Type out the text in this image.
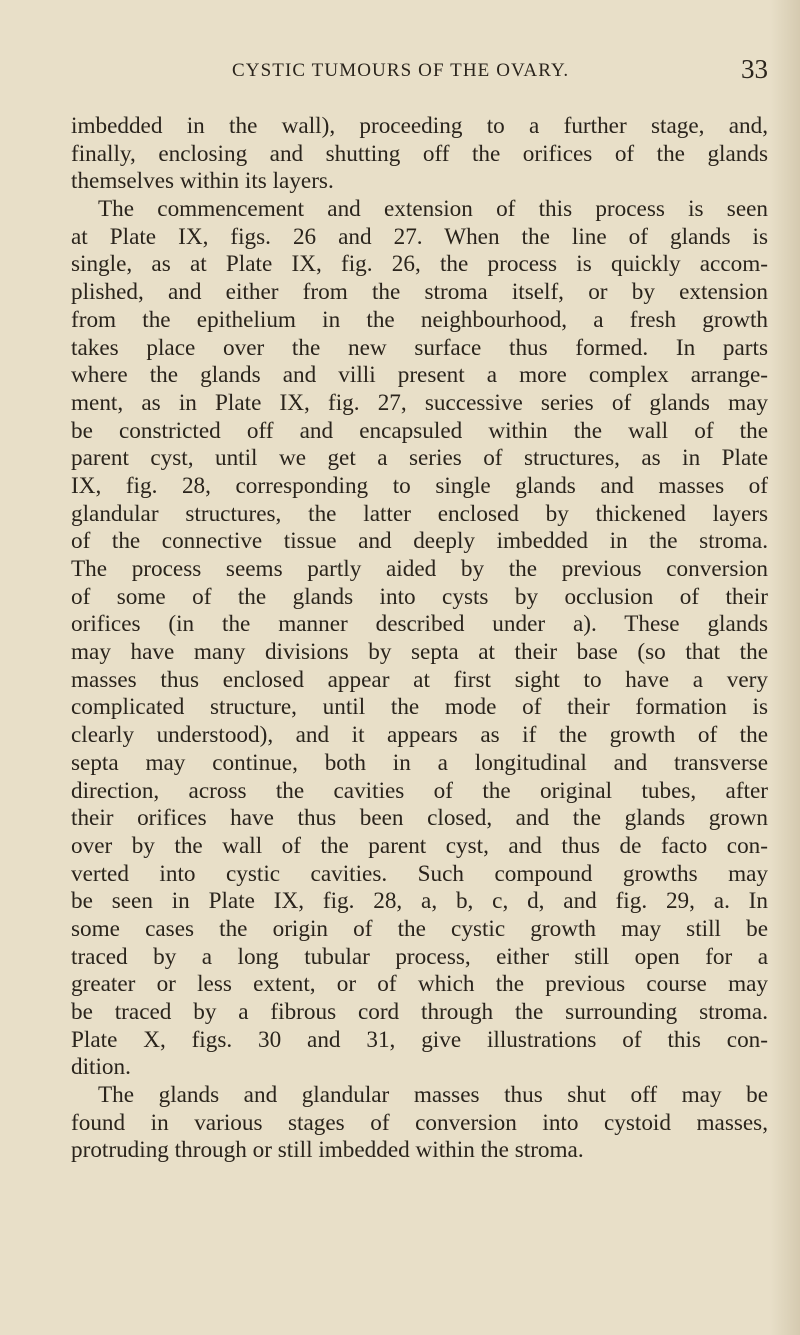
CYSTIC TUMOURS OF THE OVARY.	33
imbedded in the wall), proceeding to a further stage, and,
finally, enclosing and shutting off the orifices of the glands
themselves within its layers.
The commencement and extension of this process is seen
at Plate IX, figs. 26 and 27. When the line of glands is
single, as at Plate IX, fig. 26, the process is quickly accom-
plished, and either from the stroma itself, or by extension
from the epithelium in the neighbourhood, a fresh growth
takes place over the new surface thus formed. In parts
where the glands and villi present a more complex arrange-
ment, as in Plate IX, fig. 27, successive series of glands may
be constricted off and encapsuled within the wall of the
parent cyst, until we get a series of structures, as in Plate
IX, fig. 28, corresponding to single glands and masses of
glandular structures, the latter enclosed by thickened layers
of the connective tissue and deeply imbedded in the stroma.
The process seems partly aided by the previous conversion
of some of the glands into cysts by occlusion of their
orifices (in the manner described under a). These glands
may have many divisions by septa at their base (so that the
masses thus enclosed appear at first sight to have a very
complicated structure, until the mode of their formation is
clearly understood), and it appears as if the growth of the
septa may continue, both in a longitudinal and transverse
direction, across the cavities of the original tubes, after
their orifices have thus been closed, and the glands grown
over by the wall of the parent cyst, and thus de facto con-
verted into cystic cavities. Such compound growths may
be seen in Plate IX, fig. 28, a, b, c, d, and fig. 29, a. In
some cases the origin of the cystic growth may still be
traced by a long tubular process, either still open for a
greater or less extent, or of which the previous course may
be traced by a fibrous cord through the surrounding stroma.
Plate X, figs. 30 and 31, give illustrations of this con-
dition.
The glands and glandular masses thus shut off may be
found in various stages of conversion into cystoid masses,
protruding through or still imbedded within the stroma.
